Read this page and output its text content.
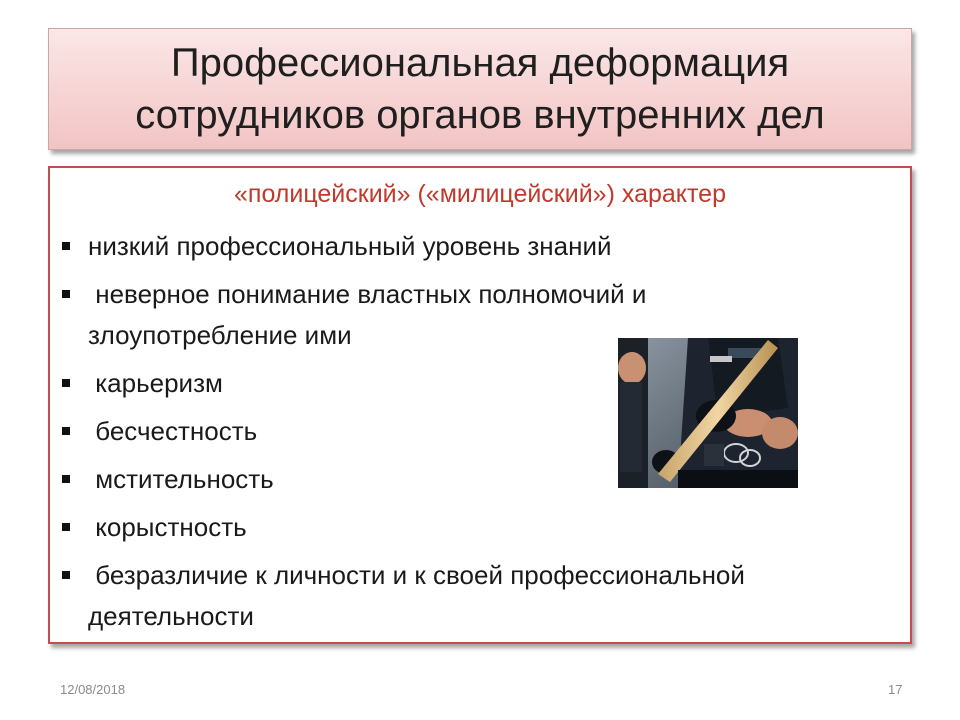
Профессиональная деформация
сотрудников органов внутренних дел
«полицейский» («милицейский») характер
низкий профессиональный уровень знаний
неверное понимание властных полномочий и злоупотребление ими
карьеризм
бесчестность
мстительность
корыстность
безразличие к личности и к своей профессиональной деятельности
12/08/2018	17
